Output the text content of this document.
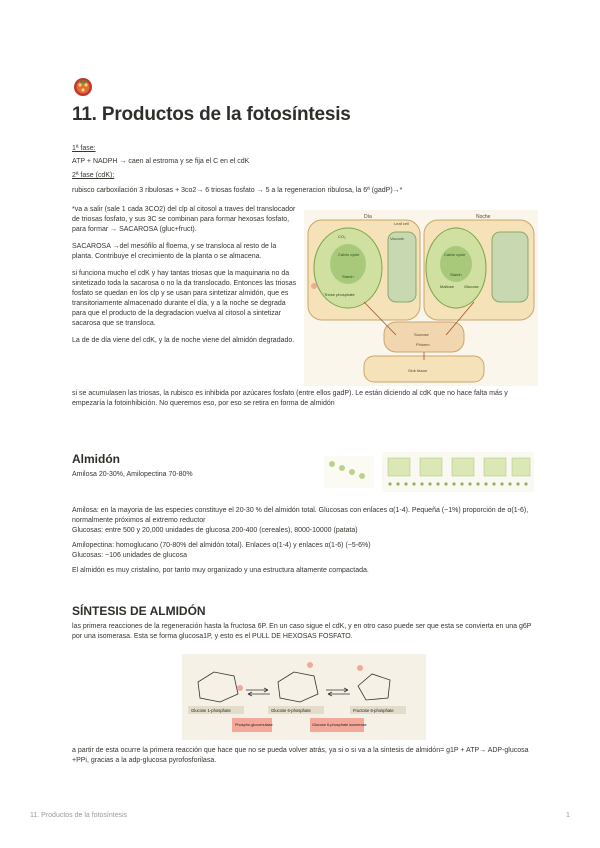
11. Productos de la fotosíntesis

1ª fase:

ATP + NADPH → caen al estroma y se fija el C en el cdK

2ª fase (cdK):

rubisco carboxilación 3 ribulosas + 3co2→ 6 triosas fosfato → 5 a la regeneracion ribulosa, la 6ª (gadP)→*

*va a salir (sale 1 cada 3CO2) del clp al citosol a traves del translocador de triosas fosfato, y sus 3C se combinan para formar hexosas fosfato, para formar → SACAROSA (gluc+fruct).

SACAROSA →del mesófilo al floema, y se transloca al resto de la planta. Contribuye el crecimiento de la planta o se almacena.

si funciona mucho el cdK y hay tantas triosas que la maquinaria no da sintetizado toda la sacarosa o no la da translocado. Entonces las triosas fosfato se quedan en los clp y se usan para sintetizar almidón, que es transitoriamente almacenado durante el día, y a la noche se degrada para que el producto de la degradacion vuelva al citosol a sintetizar sacarosa que se transloca.

La de de día viene del cdK, y la de noche viene del almidón degradado.

Día	Noche
Leaf cell
Vacuole
Calvin cycle	Calvin cycle
CO₂
Triose phosphate
Starch	Starch
Maltose Glucose
Sucrose
Phloem
Sink tissue

si se acumulasen las triosas, la rubisco es inhibida por azúcares fosfato (entre ellos gadP). Le están diciendo al cdK que no hace falta más y empezaría la fotoinhibición. No queremos eso, por eso se retira en forma de almidón

Almidón

Amilosa 20-30%, Amilopectina 70-80%

Amilosa: en la mayoria de las especies constituye el 20-30 % del almidón total. Glucosas con enlaces α(1-4). Pequeña (~1%) proporción de α(1-6), normalmente próximos al extremo reductor

Glucosas: entre 500 y 20,000 unidades de glucosa 200-400 (cereales), 8000-10000 (patata)

Amilopectina: homoglucano (70-80% del almidón total). Enlaces α(1-4) y enlaces α(1-6) (~5-6%)

Glucosas: ~106 unidades de glucosa

El almidón es muy cristalino, por tanto muy organizado y una estructura altamente compactada.

SÍNTESIS DE ALMIDÓN

las primera reacciones de la regeneración hasta la fructosa 6P. En un caso sigue el cdK, y en otro caso puede ser que esta se convierta en una g6P por una isomerasa. Esta se forma glucosa1P, y esto es el PULL DE HEXOSAS FOSFATO.

Glucose 1-phosphate	Glucose 6-phosphate	Fructose 6-phosphate
Phospho-glucomutase	Glucose 6-phosphate isomerase

a partir de esta ocurre la primera reacción que hace que no se pueda volver atrás, ya si o si va a la sintesis de almidón= g1P + ATP→ ADP-glucosa +PPi, gracias a la adp-glucosa pyrofosforilasa.

11. Productos de la fotosíntesis	1
